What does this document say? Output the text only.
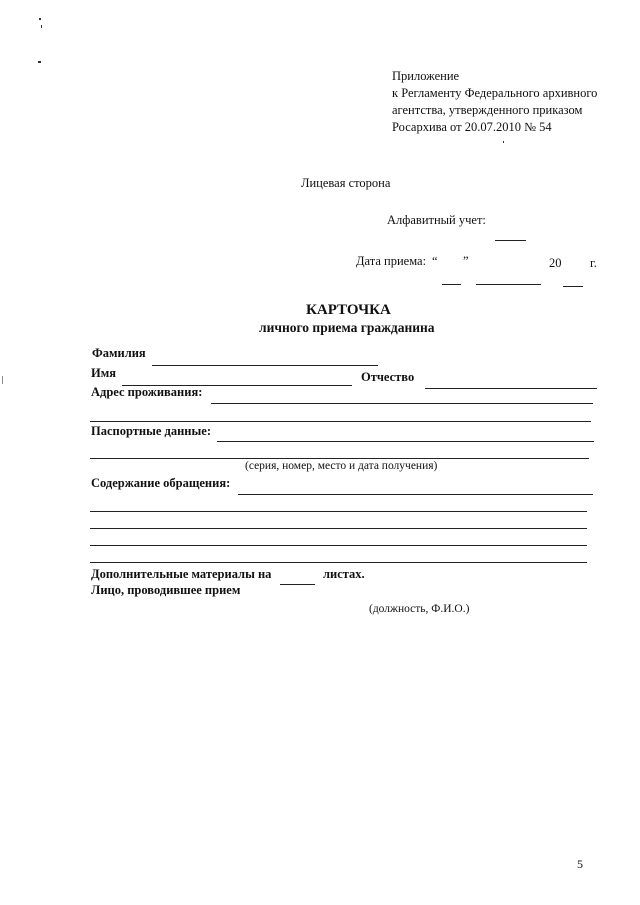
Приложение
к Регламенту Федерального архивного
агентства, утвержденного приказом
Росархива от 20.07.2010 № 54
Лицевая сторона
Алфавитный учет:
Дата приема: “ ”	20 г.
КАРТОЧКА
личного приема гражданина
Фамилия
Имя	Отчество
Адрес проживания:
Паспортные данные:
(серия, номер, место и дата получения)
Содержание обращения:
Дополнительные материалы на	листах.
Лицо, проводившее прием
(должность, Ф.И.О.)
5
